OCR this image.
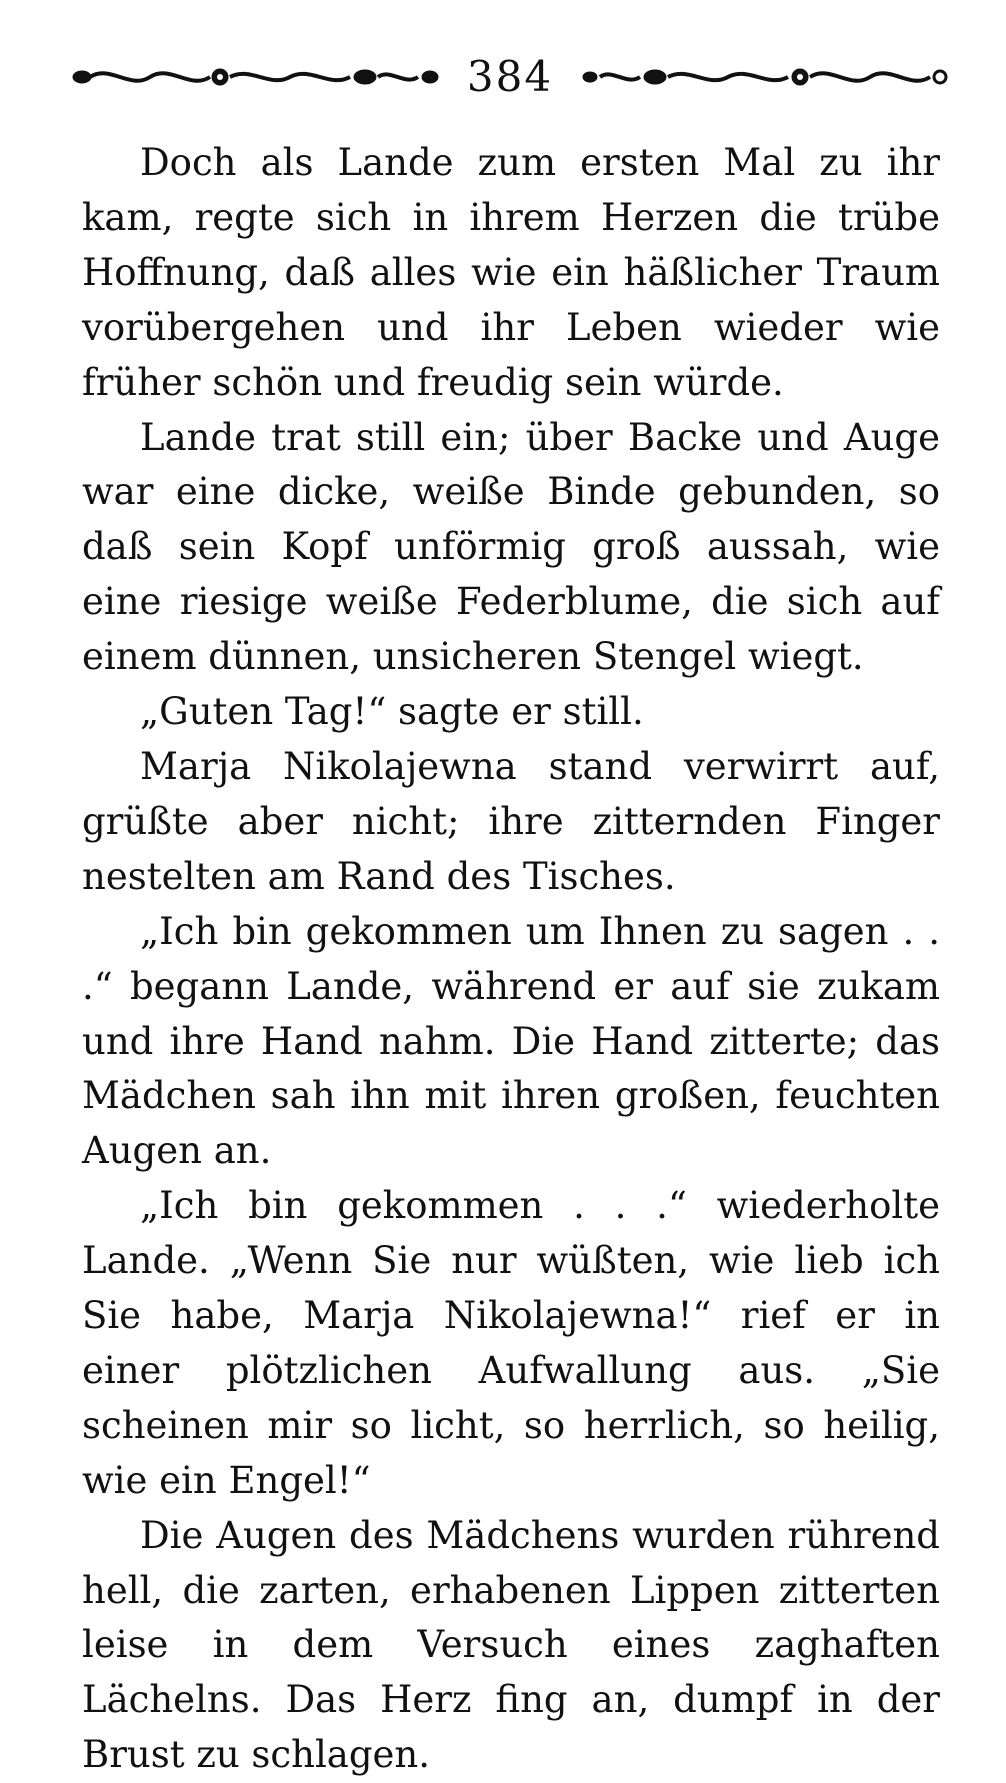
384

Doch als Lande zum ersten Mal zu ihr kam, regte sich in ihrem Herzen die trübe Hoffnung, daß alles wie ein häßlicher Traum vorübergehen und ihr Leben wieder wie früher schön und freudig sein würde.

Lande trat still ein; über Backe und Auge war eine dicke, weiße Binde gebunden, so daß sein Kopf unförmig groß aussah, wie eine riesige weiße Federblume, die sich auf einem dünnen, unsicheren Stengel wiegt.

„Guten Tag!“ sagte er still.

Marja Nikolajewna stand verwirrt auf, grüßte aber nicht; ihre zitternden Finger nestelten am Rand des Tisches.

„Ich bin gekommen um Ihnen zu sagen . . .“ begann Lande, während er auf sie zukam und ihre Hand nahm. Die Hand zitterte; das Mädchen sah ihn mit ihren großen, feuchten Augen an.

„Ich bin gekommen . . .“ wiederholte Lande. „Wenn Sie nur wüßten, wie lieb ich Sie habe, Marja Nikolajewna!“ rief er in einer plötzlichen Aufwallung aus. „Sie scheinen mir so licht, so herrlich, so heilig, wie ein Engel!“

Die Augen des Mädchens wurden rührend hell, die zarten, erhabenen Lippen zitterten leise in dem Versuch eines zaghaften Lächelns. Das Herz fing an, dumpf in der Brust zu schlagen.
